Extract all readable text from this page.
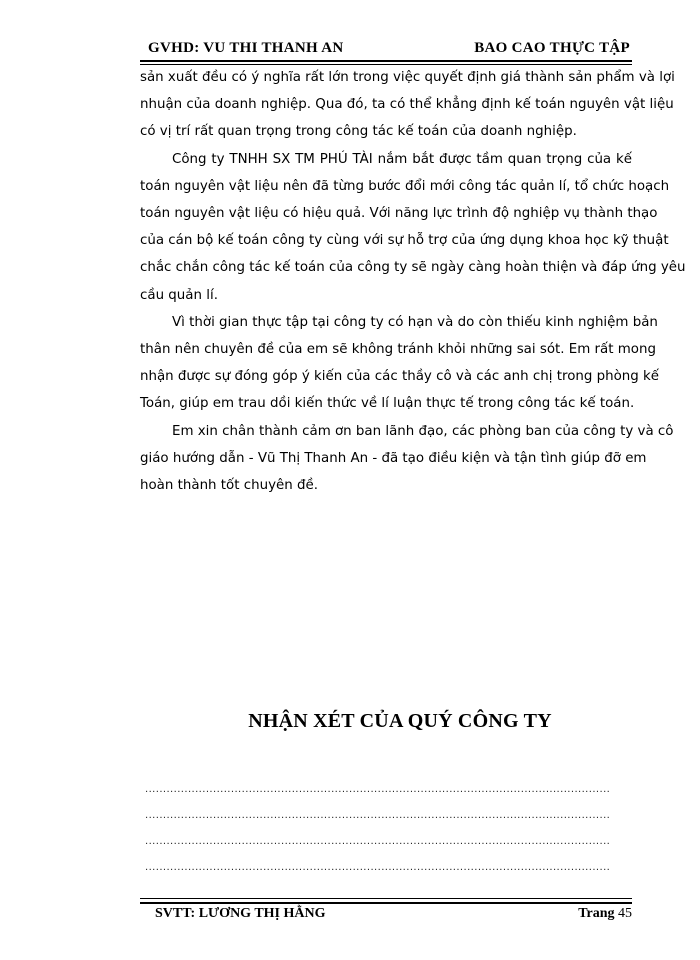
GVHD: VU THI THANH AN	BAO CAO THỰC TẬP

sản xuất đều có ý nghĩa rất lớn trong việc quyết định giá thành sản phẩm và lợi
nhuận của doanh nghiệp. Qua đó, ta có thể khẳng định kế toán nguyên vật liệu
có vị trí rất quan trọng trong công tác kế toán của doanh nghiệp.

Công ty TNHH SX TM PHÚ TÀI nắm bắt được tầm quan trọng của kế
toán nguyên vật liệu nên đã từng bước đổi mới công tác quản lí, tổ chức hoạch
toán nguyên vật liệu có hiệu quả. Với năng lực trình độ nghiệp vụ thành thạo
của cán bộ kế toán công ty cùng với sự hỗ trợ của ứng dụng khoa học kỹ thuật
chắc chắn công tác kế toán của công ty sẽ ngày càng hoàn thiện và đáp ứng yêu
cầu quản lí.

Vì thời gian thực tập tại công ty có hạn và do còn thiếu kinh nghiệm bản
thân nên chuyên đề của em sẽ không tránh khỏi những sai sót. Em rất mong
nhận được sự đóng góp ý kiến của các thầy cô và các anh chị trong phòng kế
Toán, giúp em trau dồi kiến thức về lí luận thực tế trong công tác kế toán.

Em xin chân thành cảm ơn ban lãnh đạo, các phòng ban của công ty và cô
giáo hướng dẫn - Vũ Thị Thanh An - đã tạo điều kiện và tận tình giúp đỡ em
hoàn thành tốt chuyên đề.

NHẬN XÉT CỦA QUÝ CÔNG TY
..................................................................................................................................
..................................................................................................................................
..................................................................................................................................
..................................................................................................................................
SVTT: LƯƠNG THỊ HẰNG	Trang 45
